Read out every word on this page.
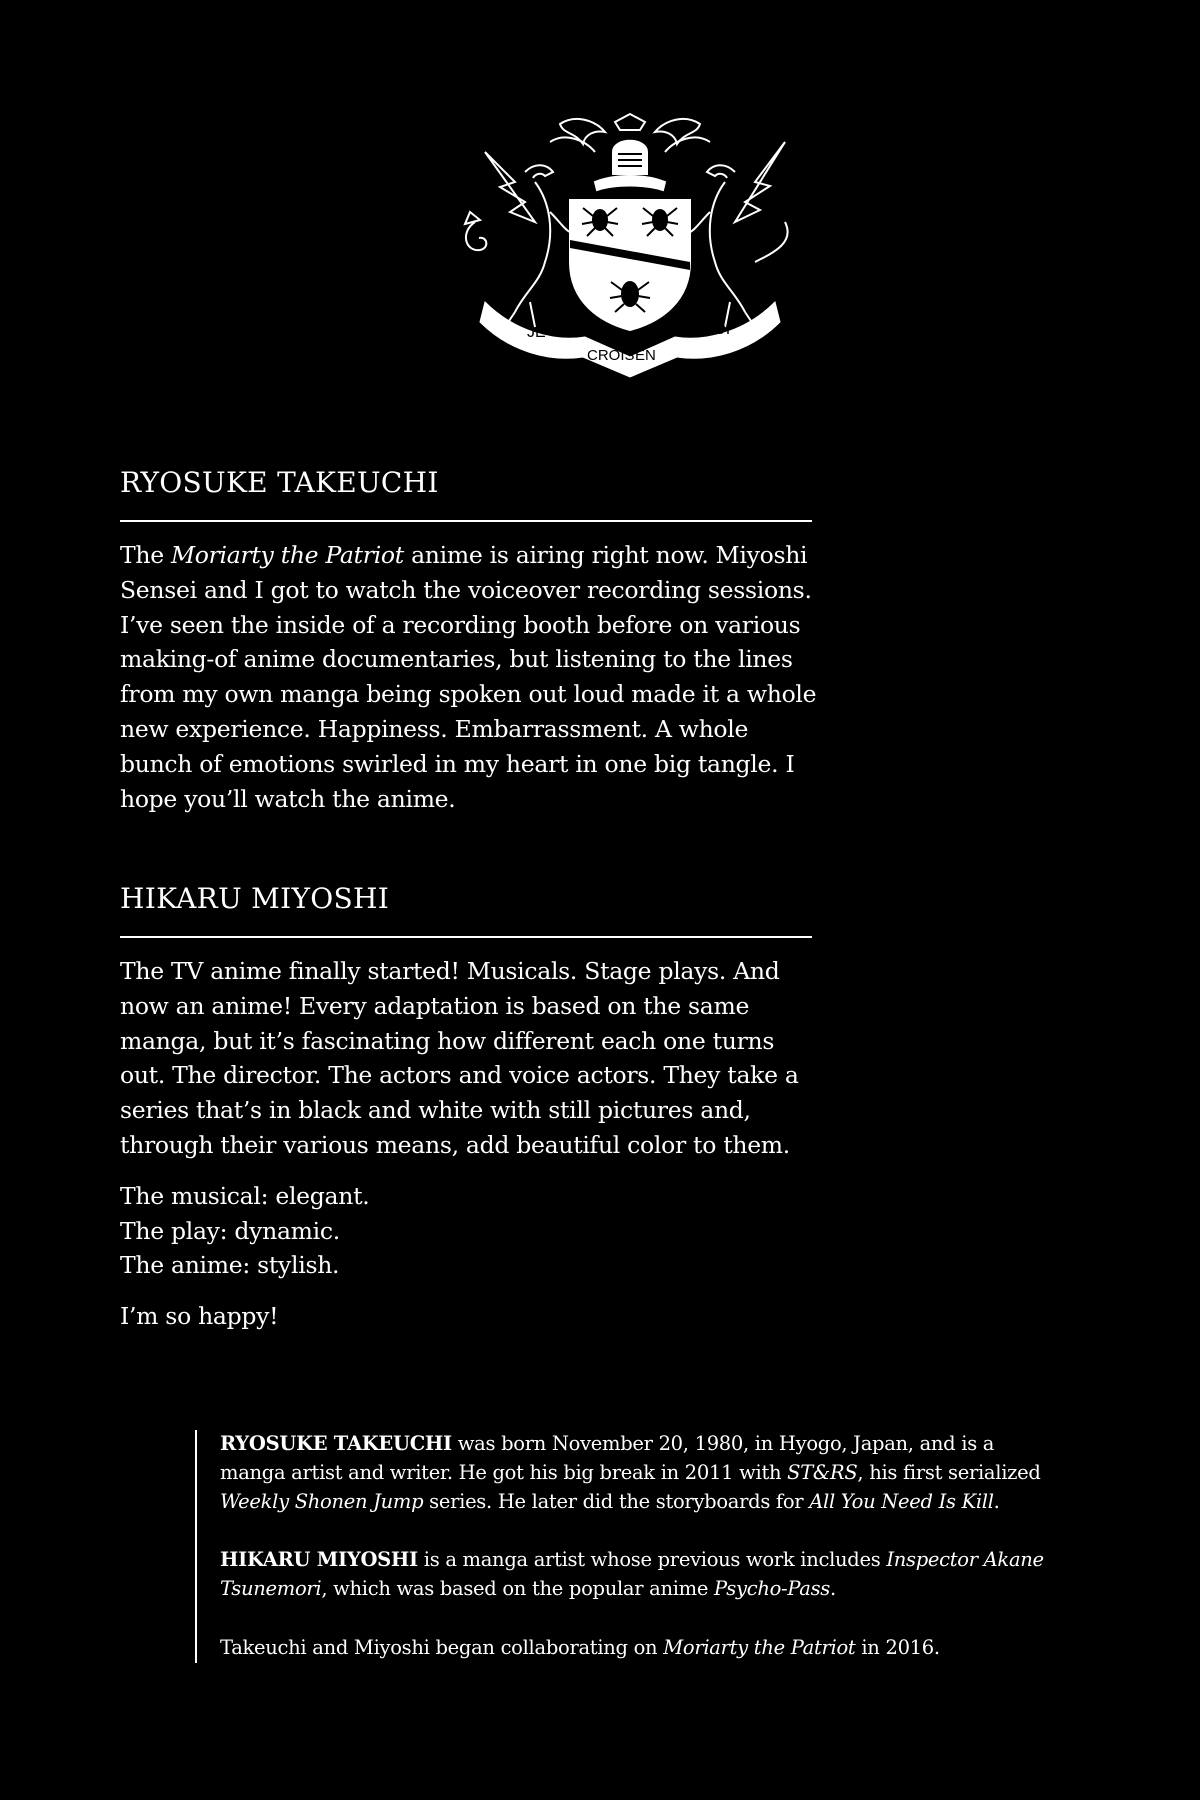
JE
CROIS EN
MOI
RYOSUKE TAKEUCHI

The Moriarty the Patriot anime is airing right now. Miyoshi Sensei and I got to watch the voiceover recording sessions. I’ve seen the inside of a recording booth before on various making-of anime documentaries, but listening to the lines from my own manga being spoken out loud made it a whole new experience. Happiness. Embarrassment. A whole bunch of emotions swirled in my heart in one big tangle. I hope you’ll watch the anime.

HIKARU MIYOSHI

The TV anime finally started! Musicals. Stage plays. And now an anime! Every adaptation is based on the same manga, but it’s fascinating how different each one turns out. The director. The actors and voice actors. They take a series that’s in black and white with still pictures and, through their various means, add beautiful color to them.

The musical: elegant.
The play: dynamic.
The anime: stylish.

I’m so happy!

RYOSUKE TAKEUCHI was born November 20, 1980, in Hyogo, Japan, and is a manga artist and writer. He got his big break in 2011 with ST&RS, his first serialized Weekly Shonen Jump series. He later did the storyboards for All You Need Is Kill.

HIKARU MIYOSHI is a manga artist whose previous work includes Inspector Akane Tsunemori, which was based on the popular anime Psycho-Pass.

Takeuchi and Miyoshi began collaborating on Moriarty the Patriot in 2016.
